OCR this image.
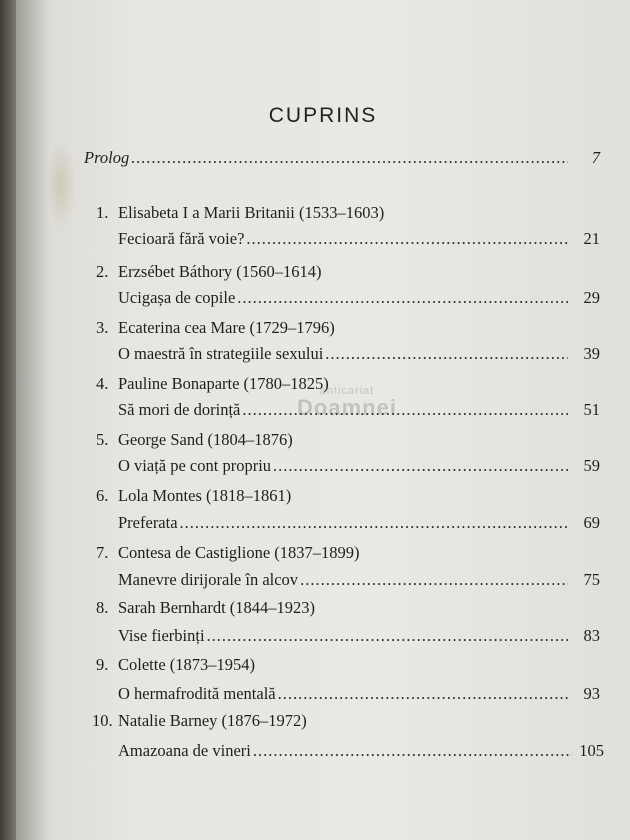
CUPRINS
Prolog .....	7
1. Elisabeta I a Marii Britanii (1533–1603)
Fecioară fără voie? .....	21
2. Erzsébet Báthory (1560–1614)
Ucigașa de copile .....	29
3. Ecaterina cea Mare (1729–1796)
O maestră în strategiile sexului .....	39
4. Pauline Bonaparte (1780–1825)
Să mori de dorință .....	51
5. George Sand (1804–1876)
O viață pe cont propriu .....	59
6. Lola Montes (1818–1861)
Preferata .....	69
7. Contesa de Castiglione (1837–1899)
Manevre dirijorale în alcov .....	75
8. Sarah Bernhardt (1844–1923)
Vise fierbinți .....	83
9. Colette (1873–1954)
O hermafrodită mentală .....	93
10. Natalie Barney (1876–1972)
Amazoana de vineri .....	105
anticariat
Doamnei
